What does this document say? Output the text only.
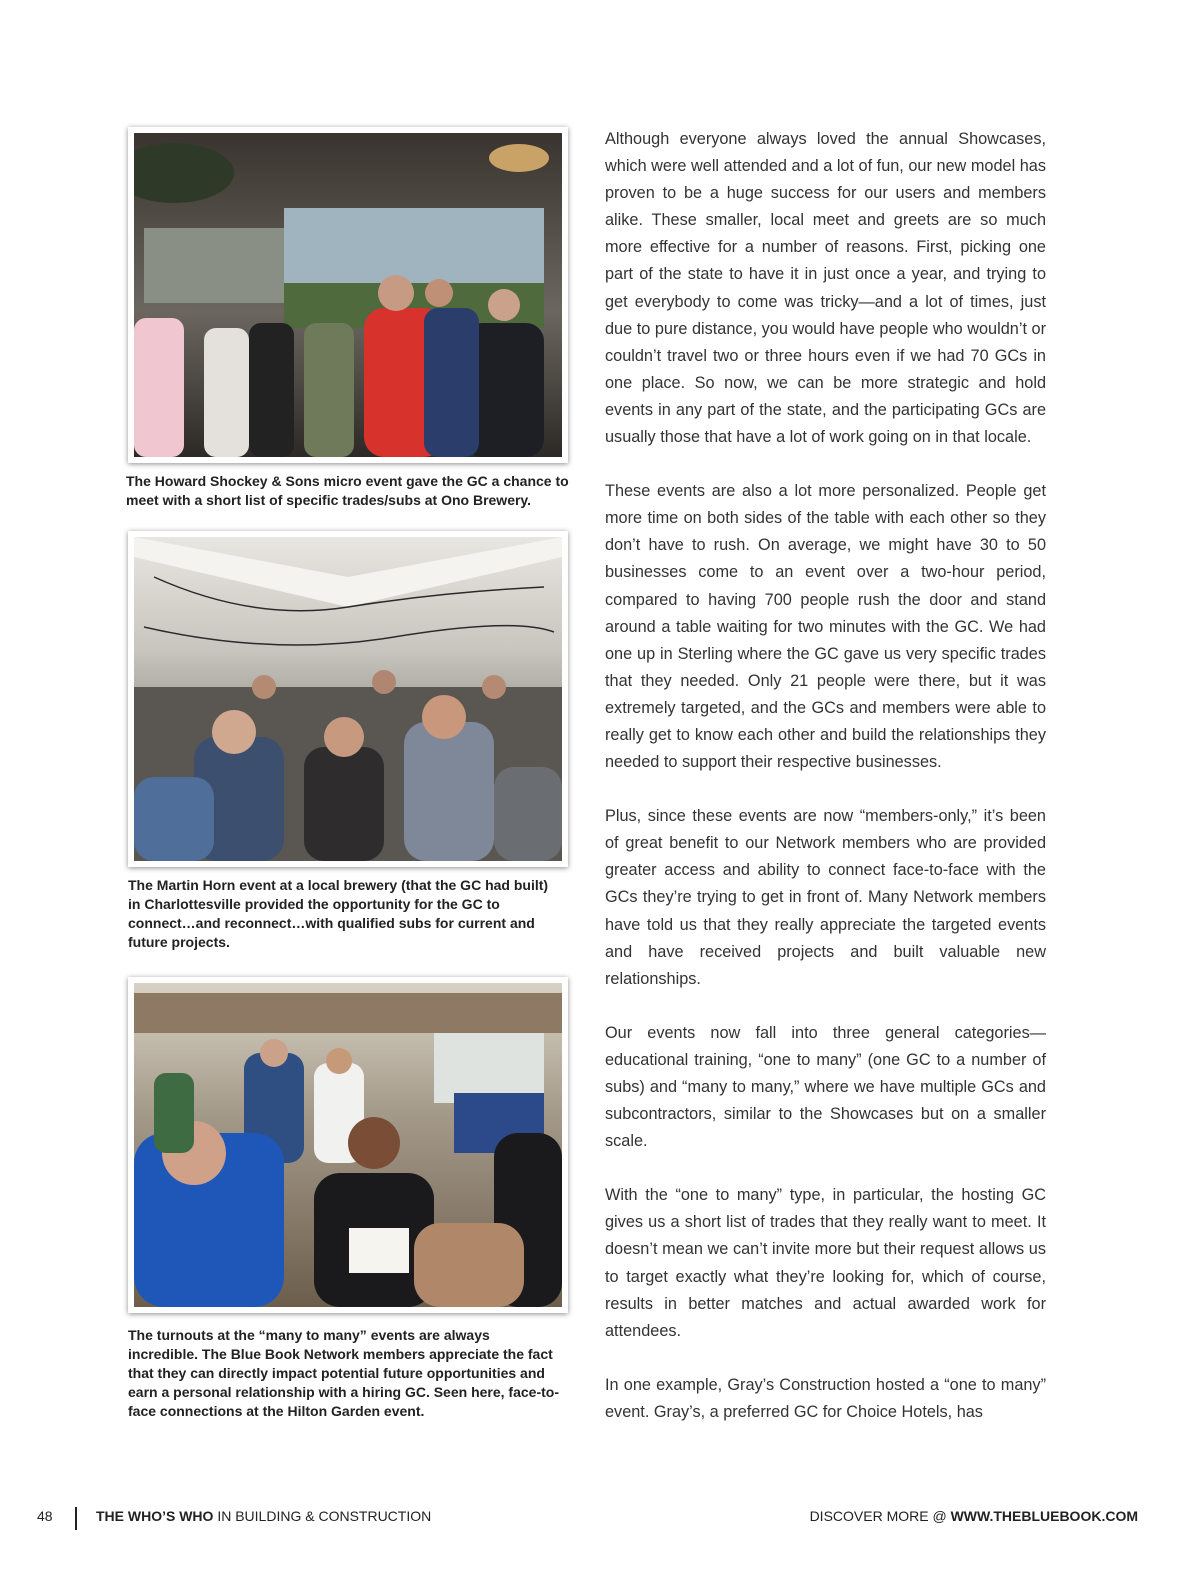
The Howard Shockey & Sons micro event gave the GC a chance to meet with a short list of specific trades/subs at Ono Brewery.

The Martin Horn event at a local brewery (that the GC had built) in Charlottesville provided the opportunity for the GC to connect…and reconnect…with qualified subs for current and future projects.

The turnouts at the “many to many” events are always incredible. The Blue Book Network members appreciate the fact that they can directly impact potential future opportunities and earn a personal relationship with a hiring GC. Seen here, face-to-face connections at the Hilton Garden event.

Although everyone always loved the annual Showcases, which were well attended and a lot of fun, our new model has proven to be a huge success for our users and members alike. These smaller, local meet and greets are so much more effective for a number of reasons. First, picking one part of the state to have it in just once a year, and trying to get everybody to come was tricky—and a lot of times, just due to pure distance, you would have people who wouldn’t or couldn’t travel two or three hours even if we had 70 GCs in one place. So now, we can be more strategic and hold events in any part of the state, and the participating GCs are usually those that have a lot of work going on in that locale.

These events are also a lot more personalized. People get more time on both sides of the table with each other so they don’t have to rush. On average, we might have 30 to 50 businesses come to an event over a two-hour period, compared to having 700 people rush the door and stand around a table waiting for two minutes with the GC. We had one up in Sterling where the GC gave us very specific trades that they needed. Only 21 people were there, but it was extremely targeted, and the GCs and members were able to really get to know each other and build the relationships they needed to support their respective businesses.

Plus, since these events are now “members-only,” it’s been of great benefit to our Network members who are provided greater access and ability to connect face-to-face with the GCs they’re trying to get in front of. Many Network members have told us that they really appreciate the targeted events and have received projects and built valuable new relationships.

Our events now fall into three general categories—educational training, “one to many” (one GC to a number of subs) and “many to many,” where we have multiple GCs and subcontractors, similar to the Showcases but on a smaller scale.

With the “one to many” type, in particular, the hosting GC gives us a short list of trades that they really want to meet. It doesn’t mean we can’t invite more but their request allows us to target exactly what they’re looking for, which of course, results in better matches and actual awarded work for attendees.

In one example, Gray’s Construction hosted a “one to many” event. Gray’s, a preferred GC for Choice Hotels, has

48	THE WHO’S WHO IN BUILDING & CONSTRUCTION	DISCOVER MORE @ WWW.THEBLUEBOOK.COM
